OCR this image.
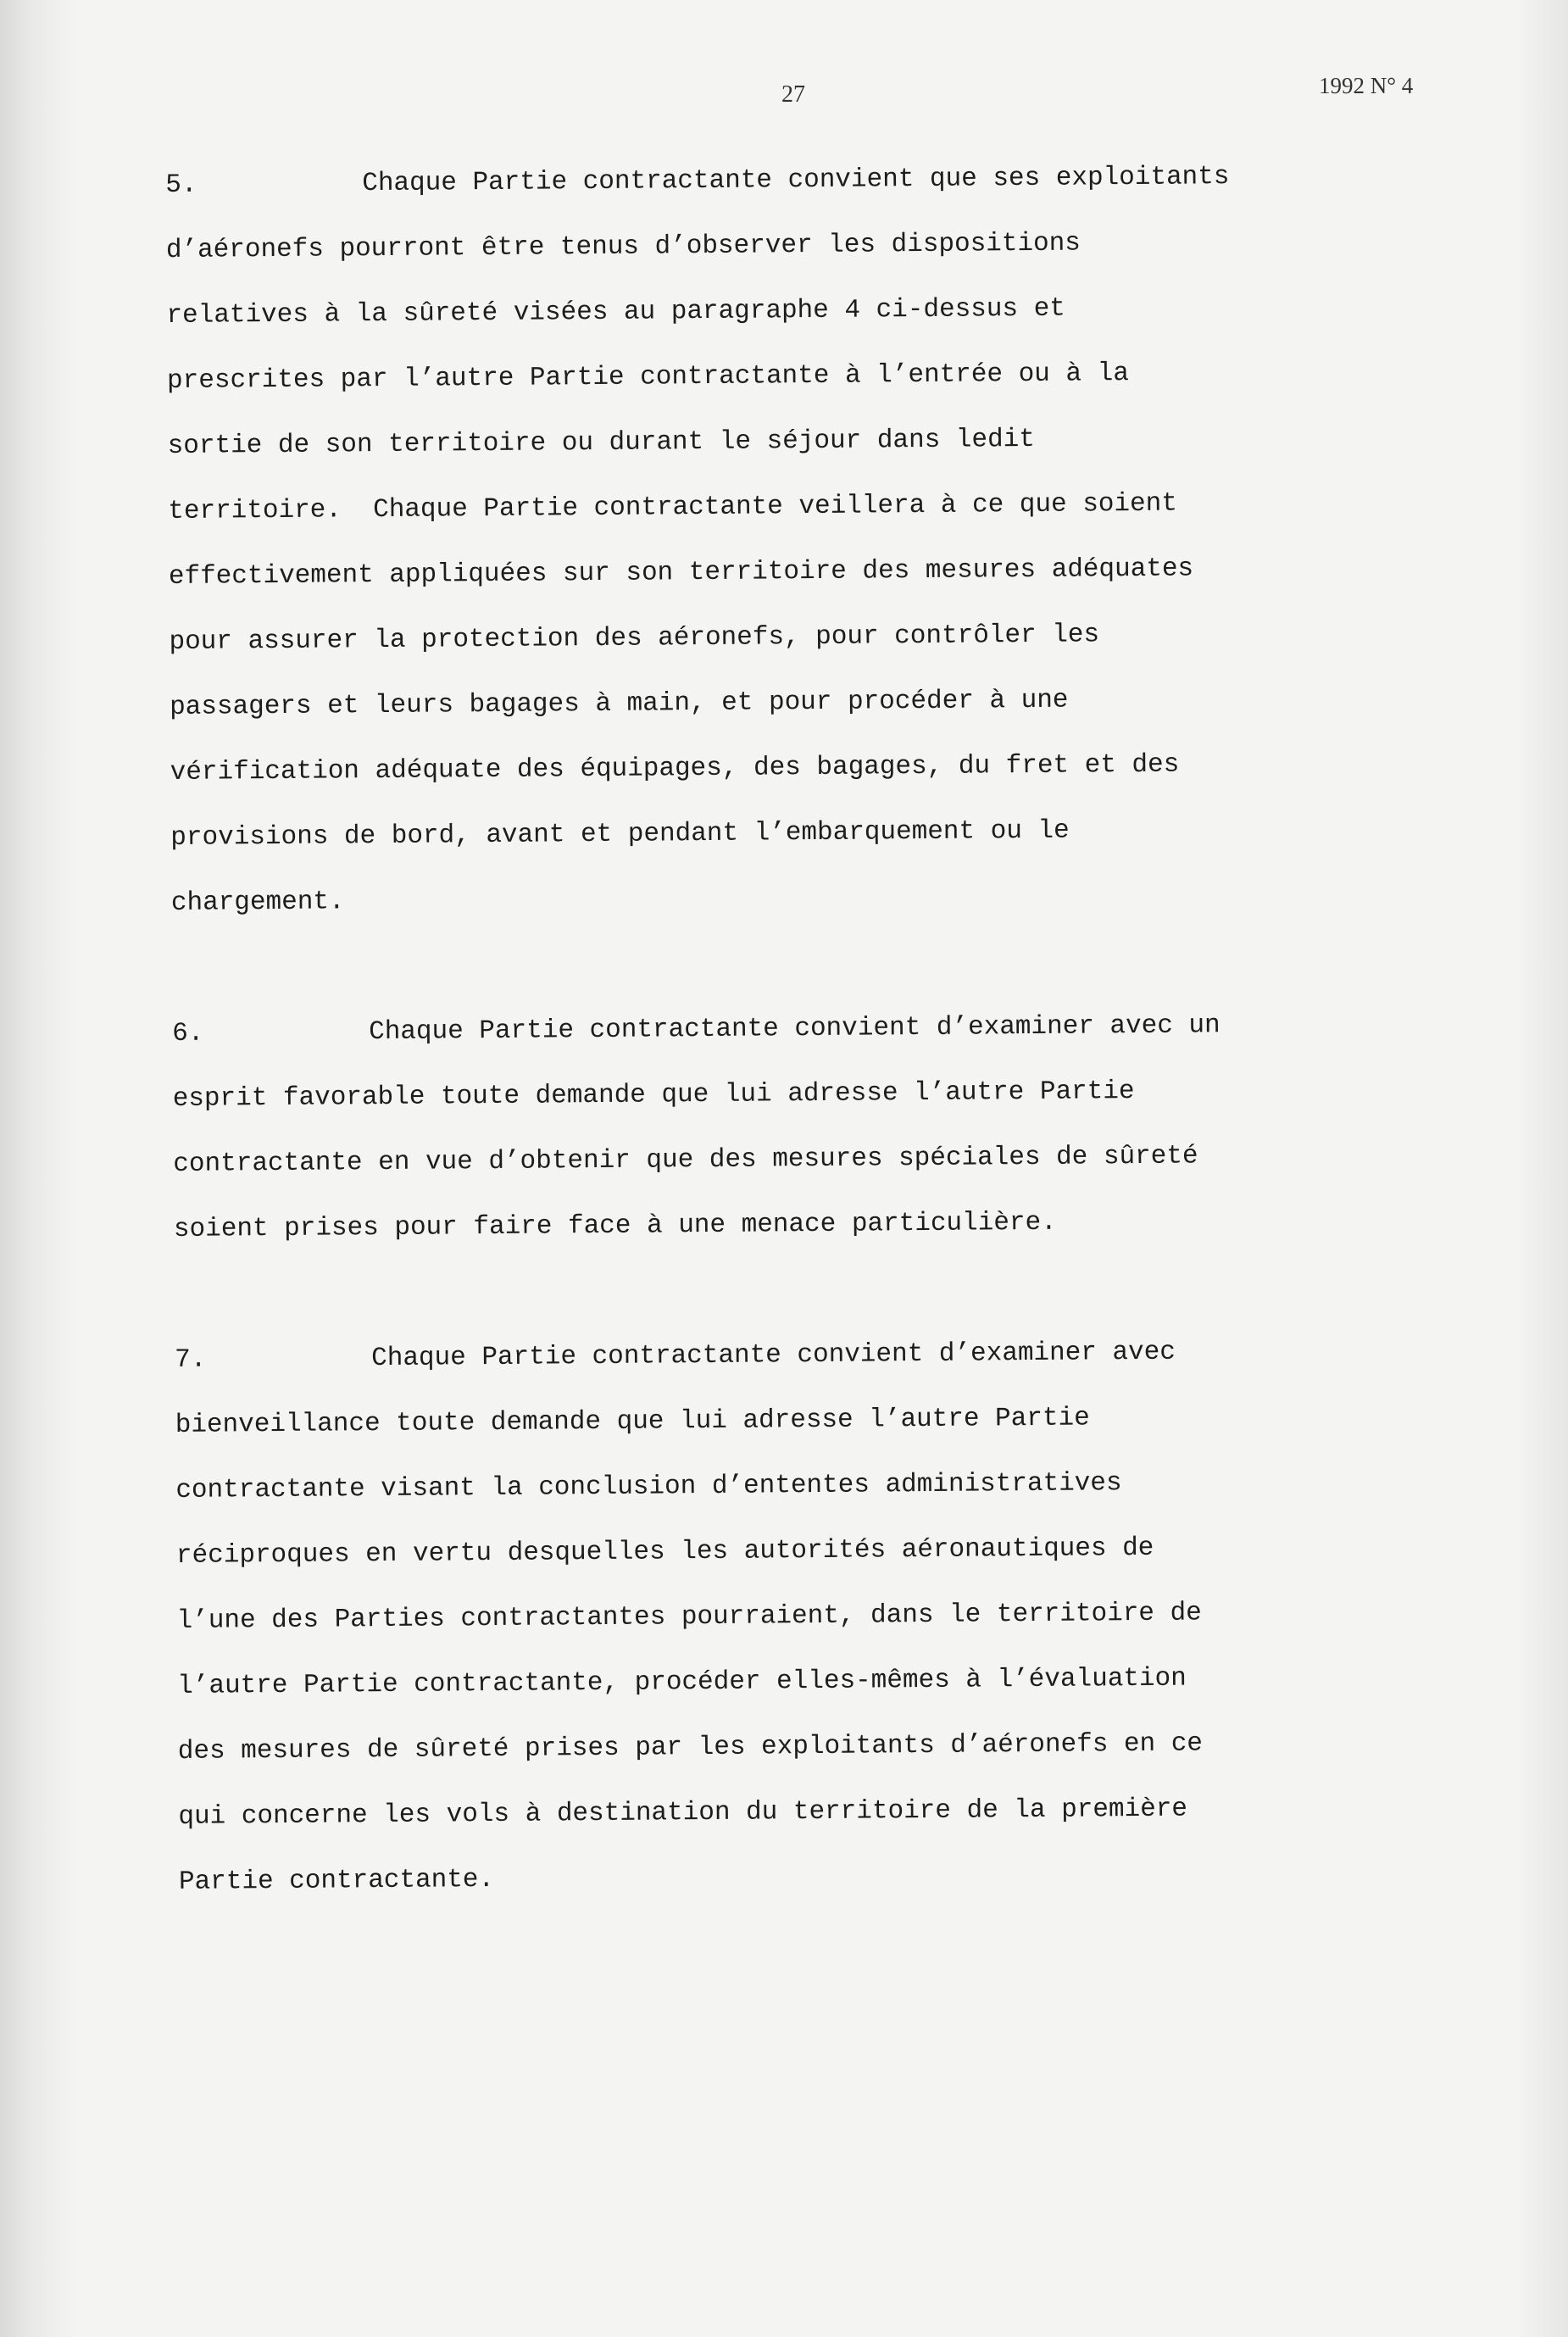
27	1992 N° 4
5.	Chaque Partie contractante convient que ses exploitants
d’aéronefs pourront être tenus d’observer les dispositions
relatives à la sûreté visées au paragraphe 4 ci-dessus et
prescrites par l’autre Partie contractante à l’entrée ou à la
sortie de son territoire ou durant le séjour dans ledit
territoire.  Chaque Partie contractante veillera à ce que soient
effectivement appliquées sur son territoire des mesures adéquates
pour assurer la protection des aéronefs, pour contrôler les
passagers et leurs bagages à main, et pour procéder à une
vérification adéquate des équipages, des bagages, du fret et des
provisions de bord, avant et pendant l’embarquement ou le
chargement.
6.	Chaque Partie contractante convient d’examiner avec un
esprit favorable toute demande que lui adresse l’autre Partie
contractante en vue d’obtenir que des mesures spéciales de sûreté
soient prises pour faire face à une menace particulière.
7.	Chaque Partie contractante convient d’examiner avec
bienveillance toute demande que lui adresse l’autre Partie
contractante visant la conclusion d’ententes administratives
réciproques en vertu desquelles les autorités aéronautiques de
l’une des Parties contractantes pourraient, dans le territoire de
l’autre Partie contractante, procéder elles-mêmes à l’évaluation
des mesures de sûreté prises par les exploitants d’aéronefs en ce
qui concerne les vols à destination du territoire de la première
Partie contractante.
